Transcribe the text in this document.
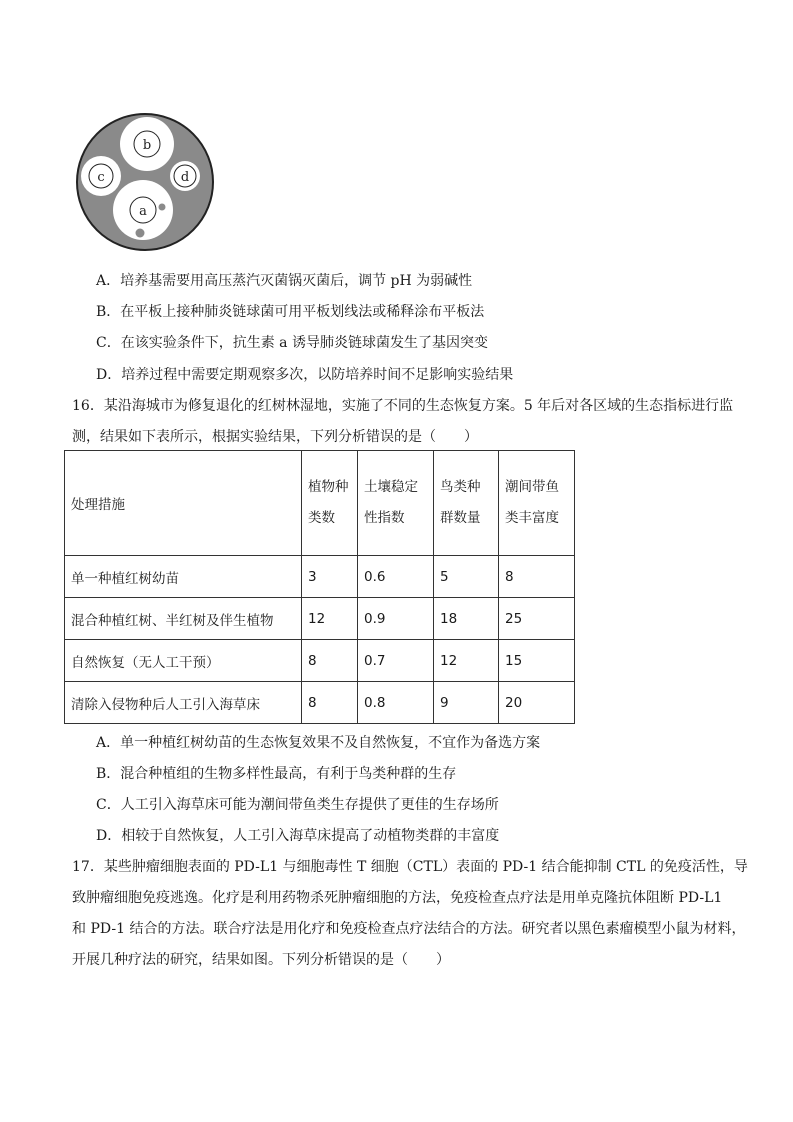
b
c	d
a
A．培养基需要用高压蒸汽灭菌锅灭菌后，调节 pH 为弱碱性
B．在平板上接种肺炎链球菌可用平板划线法或稀释涂布平板法
C．在该实验条件下，抗生素 a 诱导肺炎链球菌发生了基因突变
D．培养过程中需要定期观察多次，以防培养时间不足影响实验结果
16．某沿海城市为修复退化的红树林湿地，实施了不同的生态恢复方案。5 年后对各区域的生态指标进行监
测，结果如下表所示，根据实验结果，下列分析错误的是（　　）
处理措施	植物种类数	土壤稳定性指数	鸟类种群数量	潮间带鱼类丰富度

单一种植红树幼苗	3	0.6	5	8
混合种植红树、半红树及伴生植物	12	0.9	18	25
自然恢复（无人工干预）	8	0.7	12	15
清除入侵物种后人工引入海草床	8	0.8	9	20
A．单一种植红树幼苗的生态恢复效果不及自然恢复，不宜作为备选方案
B．混合种植组的生物多样性最高，有利于鸟类种群的生存
C．人工引入海草床可能为潮间带鱼类生存提供了更佳的生存场所
D．相较于自然恢复，人工引入海草床提高了动植物类群的丰富度
17．某些肿瘤细胞表面的 PD-L1 与细胞毒性 T 细胞（CTL）表面的 PD-1 结合能抑制 CTL 的免疫活性，导
致肿瘤细胞免疫逃逸。化疗是利用药物杀死肿瘤细胞的方法，免疫检查点疗法是用单克隆抗体阻断 PD-L1
和 PD-1 结合的方法。联合疗法是用化疗和免疫检查点疗法结合的方法。研究者以黑色素瘤模型小鼠为材料，
开展几种疗法的研究，结果如图。下列分析错误的是（　　）
